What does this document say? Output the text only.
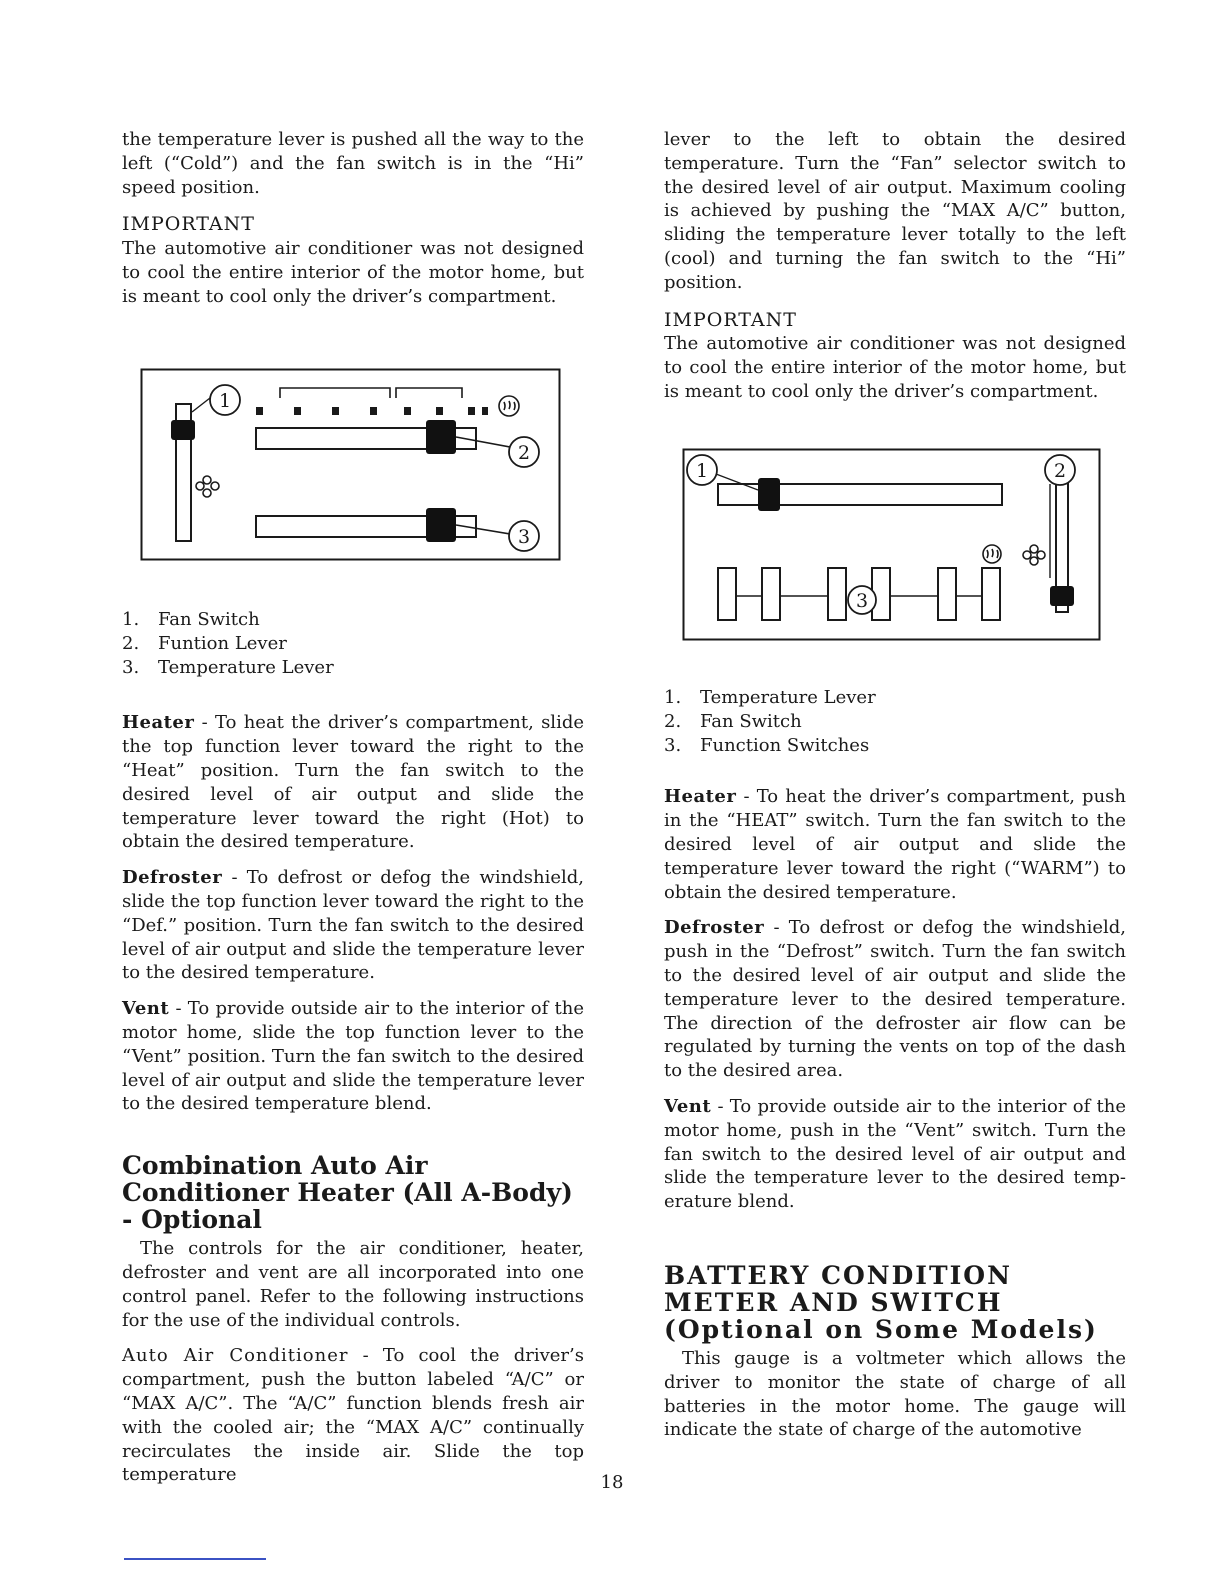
the temperature lever is pushed all the way to the left (“Cold”) and the fan switch is in the “Hi” speed position.

IMPORTANT

The automotive air conditioner was not designed to cool the entire interior of the motor home, but is meant to cool only the driver’s compartment.

1
2
3
1.	Fan Switch
2.	Funtion Lever
3.	Temperature Lever

Heater - To heat the driver’s compartment, slide the top function lever toward the right to the “Heat” position. Turn the fan switch to the desired level of air output and slide the temperature lever toward the right (Hot) to obtain the desired temperature.

Defroster - To defrost or defog the windshield, slide the top function lever toward the right to the “Def.” position. Turn the fan switch to the desired level of air output and slide the temperature lever to the desired temperature.

Vent - To provide outside air to the interior of the motor home, slide the top function lever to the “Vent” position. Turn the fan switch to the desired level of air output and slide the temperature lever to the desired temperature blend.

Combination Auto Air Conditioner Heater (All A-Body) - Optional

The controls for the air conditioner, heater, defroster and vent are all incorporated into one control panel. Refer to the following instructions for the use of the individual controls.

Auto Air Conditioner - To cool the driver’s compartment, push the button labeled “A/C” or “MAX A/C”. The “A/C” function blends fresh air with the cooled air; the “MAX A/C” continually recirculates the inside air. Slide the top temperature

lever to the left to obtain the desired temperature. Turn the “Fan” selector switch to the desired level of air output. Maximum cooling is achieved by pushing the “MAX A/C” button, sliding the temperature lever totally to the left (cool) and turning the fan switch to the “Hi” position.

IMPORTANT

The automotive air conditioner was not designed to cool the entire interior of the motor home, but is meant to cool only the driver’s compartment.

1	2
3
1.	Temperature Lever
2.	Fan Switch
3.	Function Switches

Heater - To heat the driver’s compartment, push in the “HEAT” switch. Turn the fan switch to the desired level of air output and slide the temperature lever toward the right (“WARM”) to obtain the desired temperature.

Defroster - To defrost or defog the windshield, push in the “Defrost” switch. Turn the fan switch to the desired level of air output and slide the temperature lever to the desired temperature. The direction of the defroster air flow can be regulated by turning the vents on top of the dash to the desired area.

Vent - To provide outside air to the interior of the motor home, push in the “Vent” switch. Turn the fan switch to the desired level of air output and slide the temperature lever to the desired temp- erature blend.

BATTERY CONDITION METER AND SWITCH (Optional on Some Models)

This gauge is a voltmeter which allows the driver to monitor the state of charge of all batteries in the motor home. The gauge will indicate the state of charge of the automotive

18
